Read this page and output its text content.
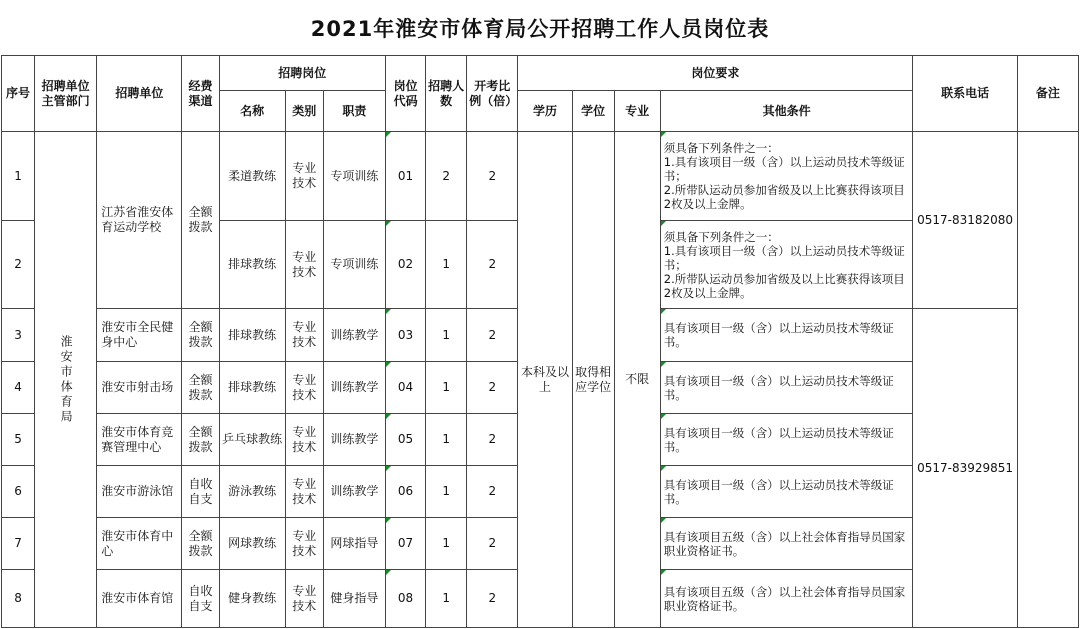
2021年淮安市体育局公开招聘工作人员岗位表
序号	招聘单位主管部门	招聘单位	经费渠道	招聘岗位			岗位代码	招聘人数	开考比例（倍）	岗位要求				联系电话	备注
				名称	类别	职责				学历	学位	专业	其他条件		
1	淮安市体育局	江苏省淮安体育运动学校	全额拨款	柔道教练	专业技术	专项训练	01	2	2	本科及以上	取得相应学位	不限	须具备下列条件之一：
1.具有该项目一级（含）以上运动员技术等级证书；
2.所带队运动员参加省级及以上比赛获得该项目2枚及以上金牌。	0517-83182080	
2				排球教练	专业技术	专项训练	02	1	2				须具备下列条件之一：
1.具有该项目一级（含）以上运动员技术等级证书；
2.所带队运动员参加省级及以上比赛获得该项目2枚及以上金牌。		
3		淮安市全民健身中心	全额拨款	排球教练	专业技术	训练教学	03	1	2				具有该项目一级（含）以上运动员技术等级证书。	0517-83929851	
4		淮安市射击场	全额拨款	排球教练	专业技术	训练教学	04	1	2				具有该项目一级（含）以上运动员技术等级证书。		
5		淮安市体育竞赛管理中心	全额拨款	乒乓球教练	专业技术	训练教学	05	1	2				具有该项目一级（含）以上运动员技术等级证书。		
6		淮安市游泳馆	自收自支	游泳教练	专业技术	训练教学	06	1	2				具有该项目一级（含）以上运动员技术等级证书。		
7		淮安市体育中心	全额拨款	网球教练	专业技术	网球指导	07	1	2				具有该项目五级（含）以上社会体育指导员国家职业资格证书。		
8		淮安市体育馆	自收自支	健身教练	专业技术	健身指导	08	1	2				具有该项目五级（含）以上社会体育指导员国家职业资格证书。		
